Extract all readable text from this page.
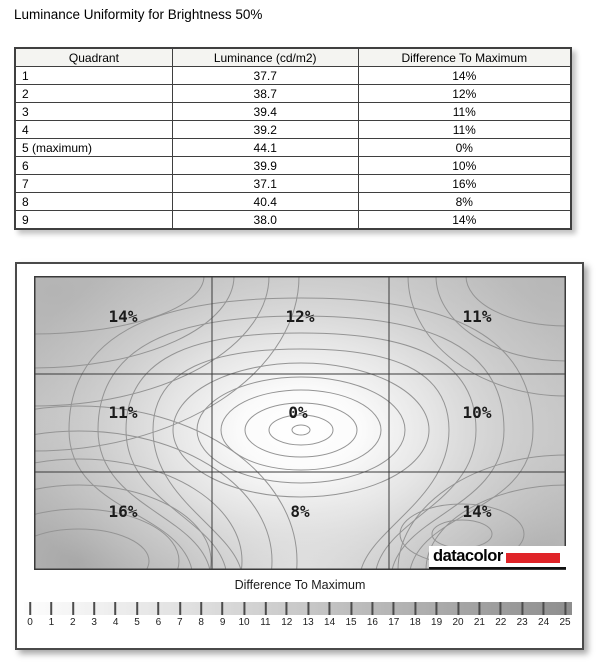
Luminance Uniformity for Brightness 50%
Quadrant	Luminance (cd/m2)	Difference To Maximum
1	37.7	14%
2	38.7	12%
3	39.4	11%
4	39.2	11%
5 (maximum)	44.1	0%
6	39.9	10%
7	37.1	16%
8	40.4	8%
9	38.0	14%
14%	12%	11%
11%	0%	10%
16%	8%	14%
datacolor
Difference To Maximum
0 1 2 3 4 5 6 7 8 9 10 11 12 13 14 15 16 17 18 19 20 21 22 23 24 25
